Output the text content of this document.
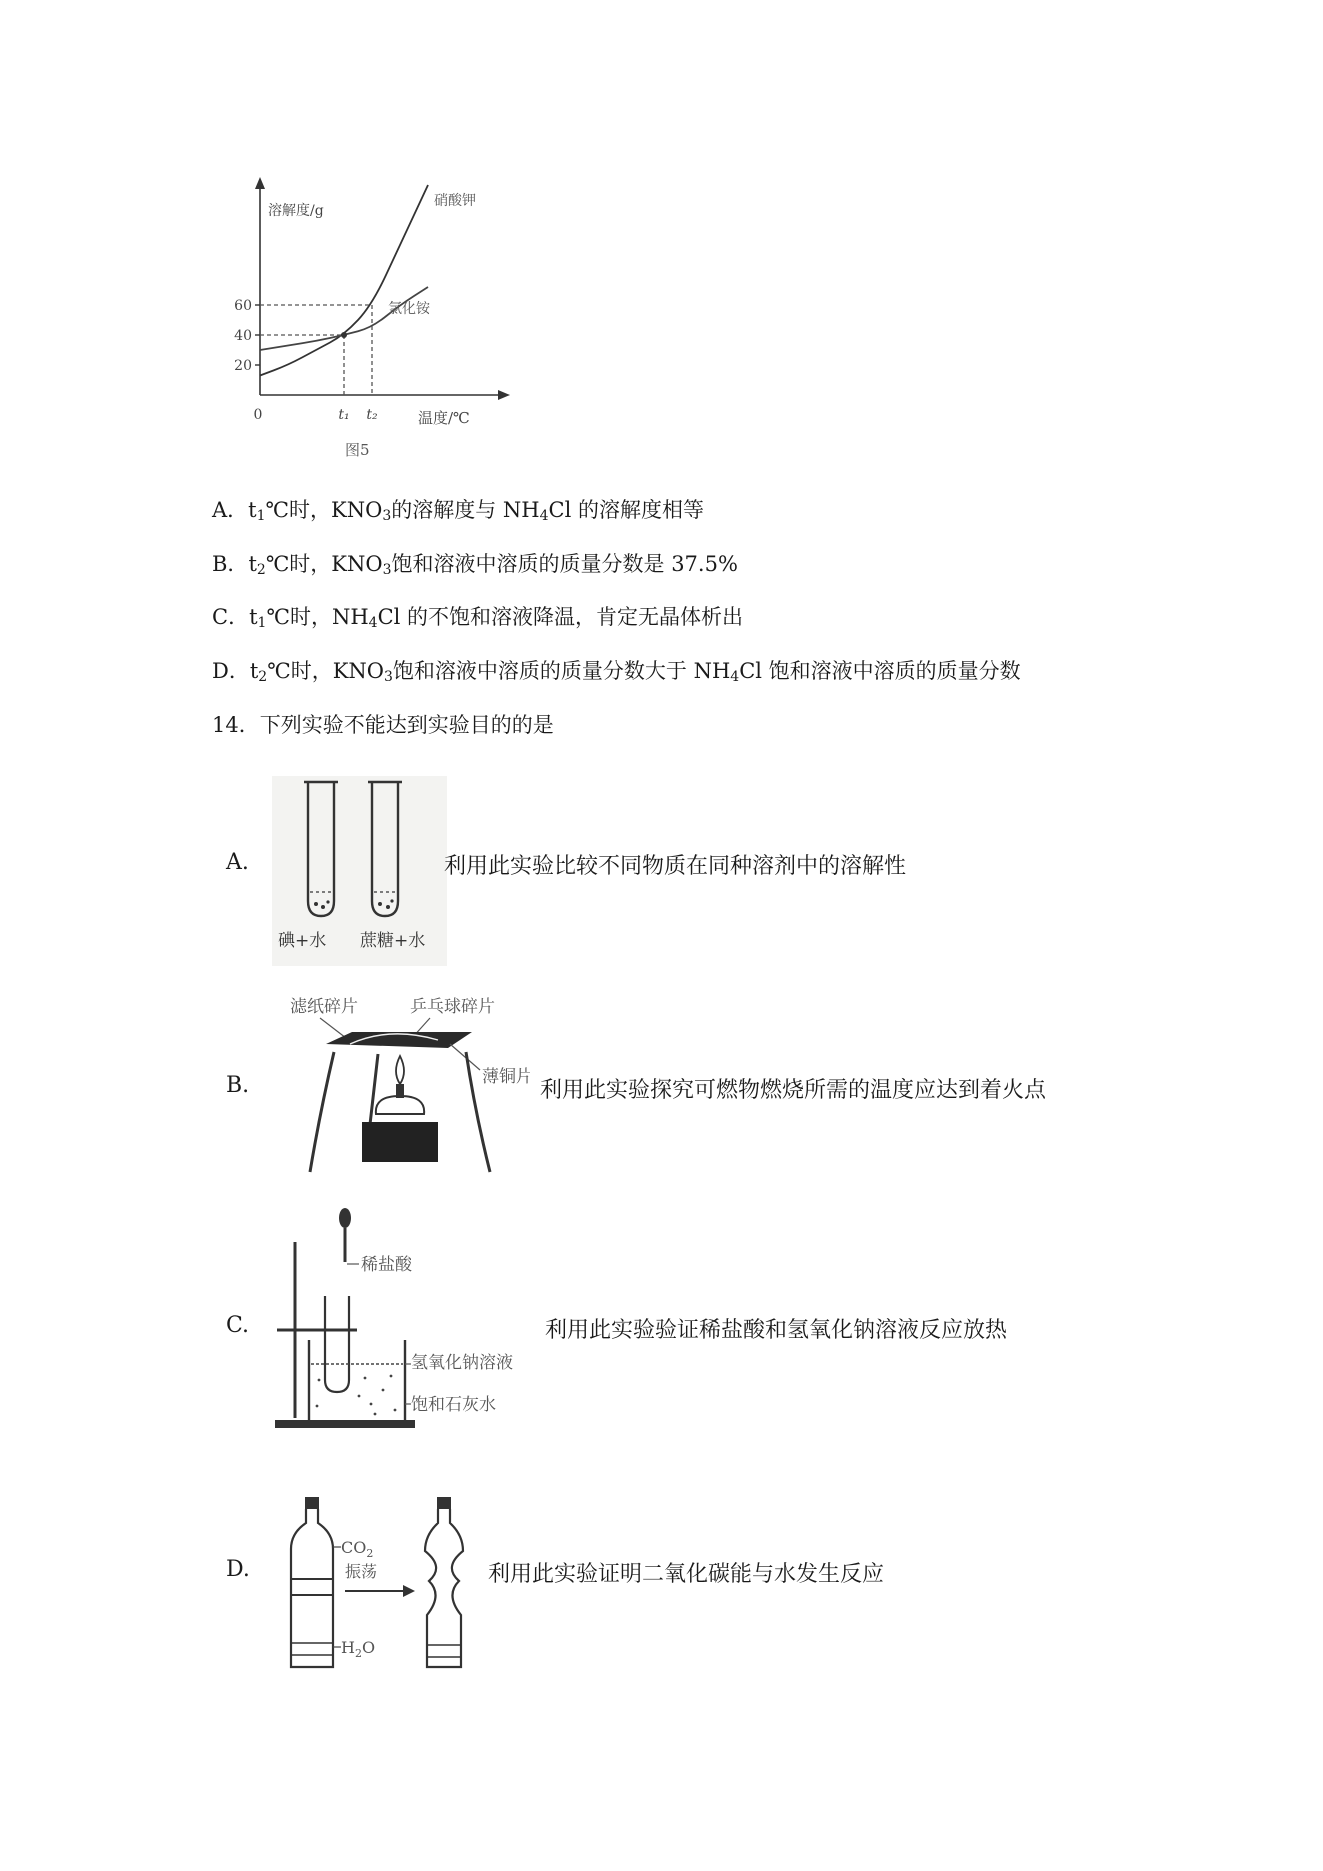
20
40
60
硝酸钾
氯化铵
t₁ t₂
溶解度/g
温度/℃
0
图5
A．$t_1℃$时，$KNO_3$的溶解度与 $NH_4Cl$ 的溶解度相等
B．$t_2℃$时，$KNO_3$饱和溶液中溶质的质量分数是 37.5%
C．$t_1℃$时，$NH_4Cl$ 的不饱和溶液降温，肯定无晶体析出
D．$t_2℃$时，$KNO_3$饱和溶液中溶质的质量分数大于 $NH_4Cl$ 饱和溶液中溶质的质量分数
14．下列实验不能达到实验目的的是
A.
碘+水 蔗糖+水
利用此实验比较不同物质在同种溶剂中的溶解性
B.
滤纸碎片	乒乓球碎片
薄铜片
利用此实验探究可燃物燃烧所需的温度应达到着火点
C.
稀盐酸
氢氧化钠溶液
饱和石灰水
利用此实验验证稀盐酸和氢氧化钠溶液反应放热
D.
$CO_2$
振荡
$H_2O$
利用此实验证明二氧化碳能与水发生反应
